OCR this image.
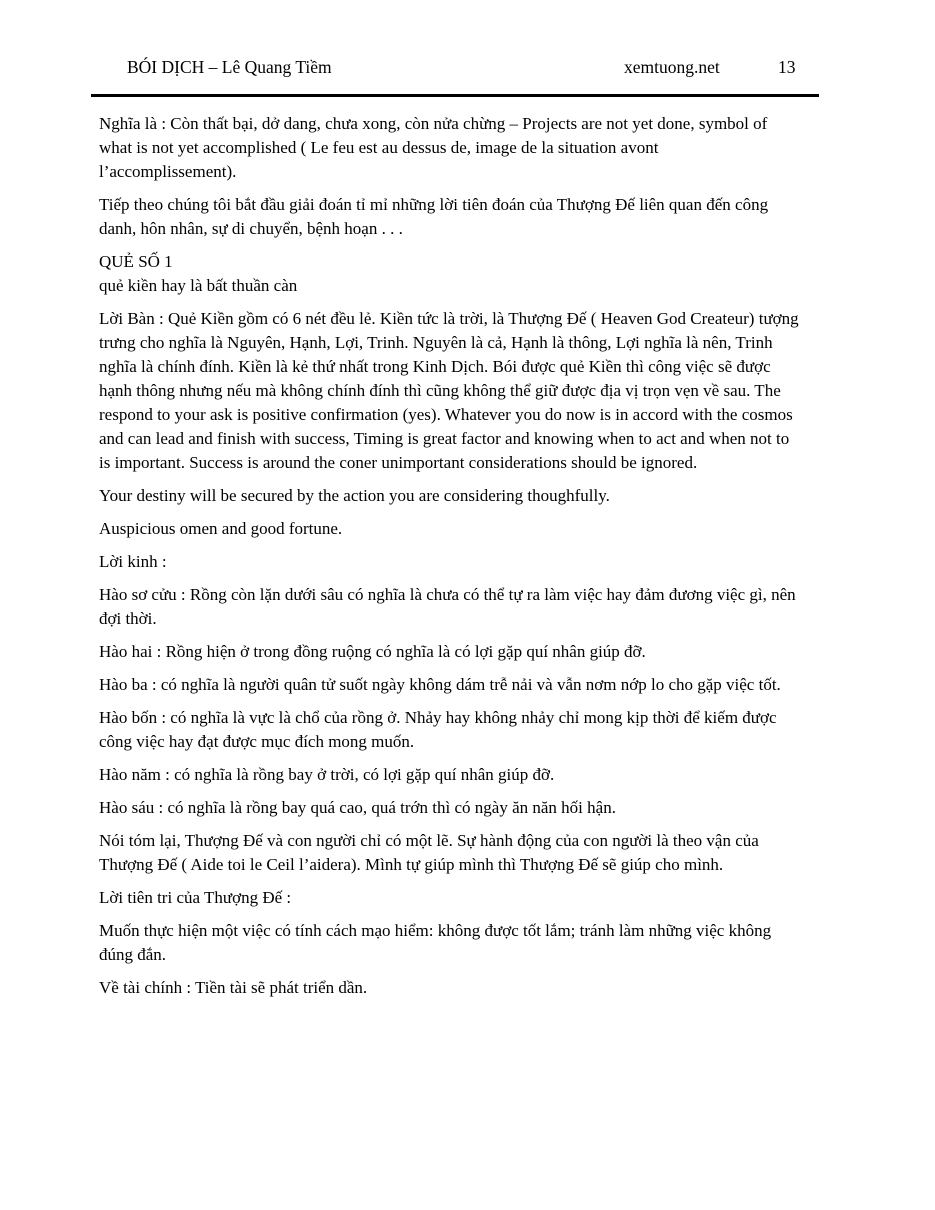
BÓI DỊCH – Lê Quang Tiềm	xemtuong.net	13

Nghĩa là : Còn thất bại, dở dang, chưa xong, còn nửa chừng – Projects are not yet done, symbol of what is not yet accomplished ( Le feu est au dessus de, image de la situation avont l’accomplissement).

Tiếp theo chúng tôi bắt đầu giải đoán tỉ mỉ những lời tiên đoán của Thượng Đế liên quan đến công danh, hôn nhân, sự di chuyển, bệnh hoạn . . .

QUẺ SỐ 1

quẻ kiền hay là bất thuần càn

Lời Bàn : Quẻ Kiền gồm có 6 nét đều lẻ. Kiền tức là trời, là Thượng Đế ( Heaven God Createur) tượng trưng cho nghĩa là Nguyên, Hạnh, Lợi, Trinh. Nguyên là cả, Hạnh là thông, Lợi nghĩa là nên, Trinh nghĩa là chính đính. Kiền là kẻ thứ nhất trong Kinh Dịch. Bói được quẻ Kiền thì công việc sẽ được hạnh thông nhưng nếu mà không chính đính thì cũng không thể giữ được địa vị trọn vẹn về sau. The respond to your ask is positive confirmation (yes). Whatever you do now is in accord with the cosmos and can lead and finish with success, Timing is great factor and knowing when to act and when not to is important. Success is around the coner unimportant considerations should be ignored.

Your destiny will be secured by the action you are considering thoughfully.

Auspicious omen and good fortune.

Lời kinh :

Hào sơ cửu : Rồng còn lặn dưới sâu có nghĩa là chưa có thể tự ra làm việc hay đảm đương việc gì, nên đợi thời.

Hào hai : Rồng hiện ở trong đồng ruộng có nghĩa là có lợi gặp quí nhân giúp đỡ.

Hào ba : có nghĩa là người quân tử suốt ngày không dám trễ nải và vẫn nơm nớp lo cho gặp việc tốt.

Hào bốn : có nghĩa là vực là chổ của rồng ở. Nhảy hay không nhảy chỉ mong kịp thời để kiếm được công việc hay đạt được mục đích mong muốn.

Hào năm : có nghĩa là rồng bay ở trời, có lợi gặp quí nhân giúp đỡ.

Hào sáu : có nghĩa là rồng bay quá cao, quá trớn thì có ngày ăn năn hối hận.

Nói tóm lại, Thượng Đế và con người chỉ có một lẽ. Sự hành động của con người là theo vận của Thượng Đế ( Aide toi le Ceil l’aidera). Mình tự giúp mình thì Thượng Đế sẽ giúp cho mình.

Lời tiên tri của Thượng Đế :

Muốn thực hiện một việc có tính cách mạo hiểm: không được tốt lắm; tránh làm những việc không đúng đắn.

Về tài chính : Tiền tài sẽ phát triển dần.
